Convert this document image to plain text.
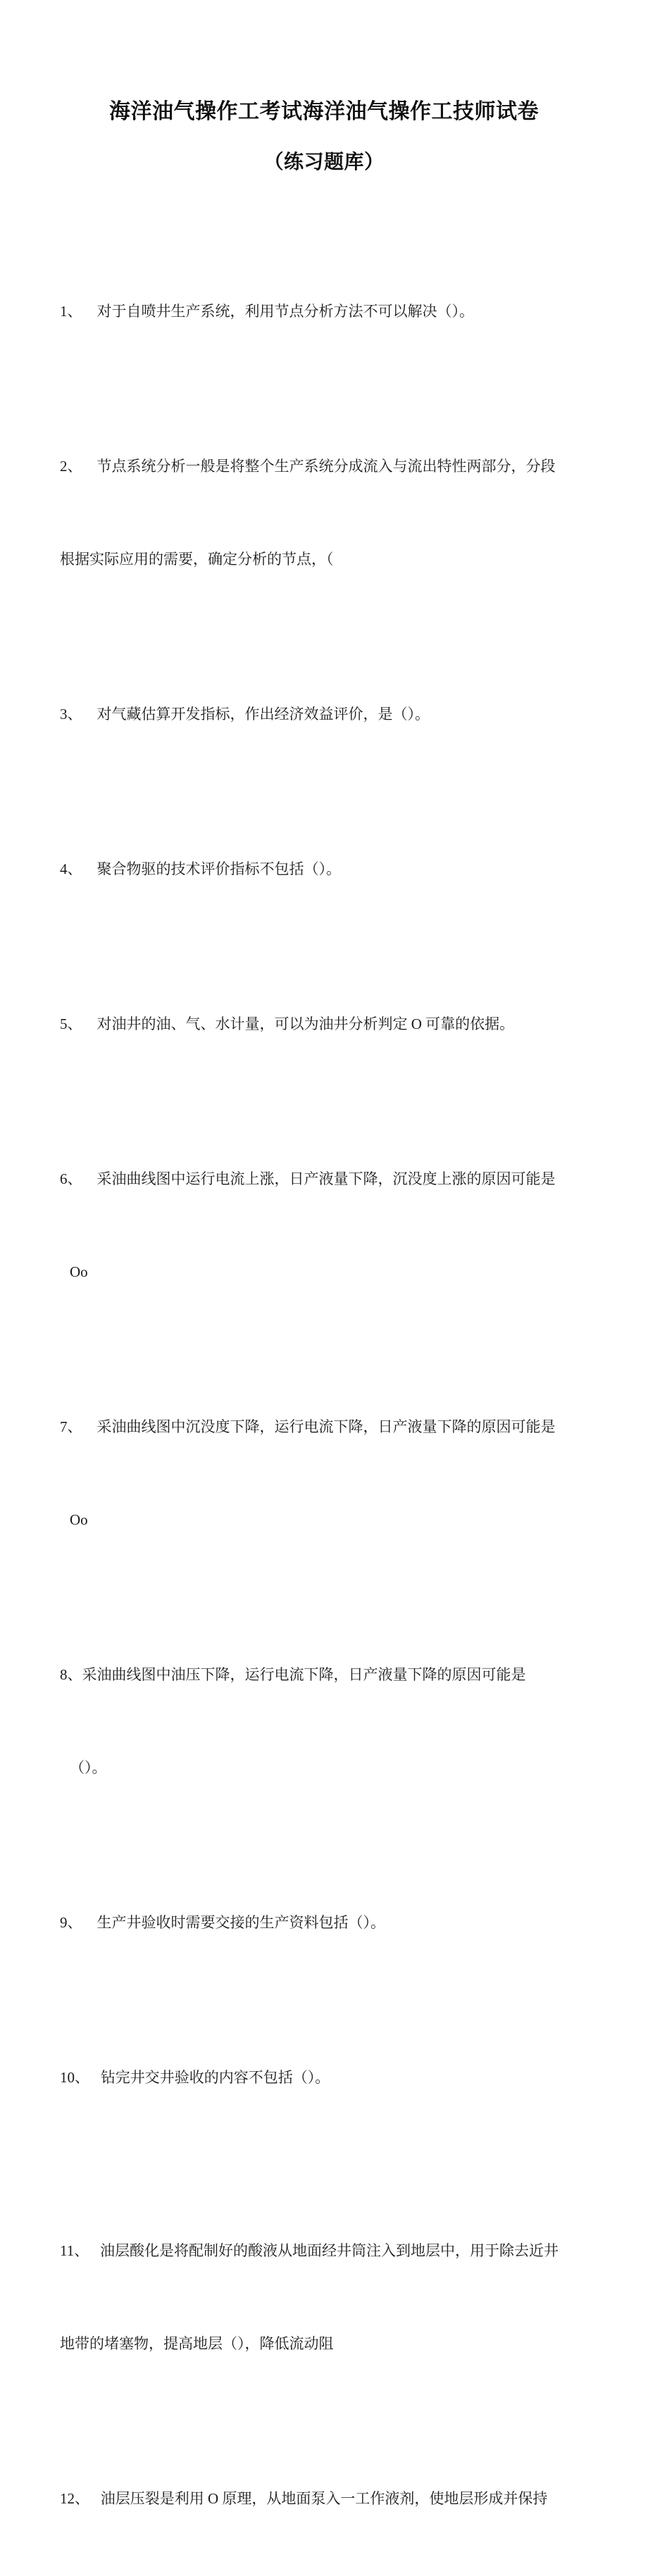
海洋油气操作工考试海洋油气操作工技师试卷
（练习题库）

1、    对于自喷井生产系统，利用节点分析方法不可以解决（）。

2、    节点系统分析一般是将整个生产系统分成流入与流出特性两部分，分段

根据实际应用的需要，确定分析的节点，（

3、    对气藏估算开发指标，作出经济效益评价，是（）。

4、    聚合物驱的技术评价指标不包括（）。

5、    对油井的油、气、水计量，可以为油井分析判定 O 可靠的依据。

6、    采油曲线图中运行电流上涨，日产液量下降，沉没度上涨的原因可能是

Oo

7、    采油曲线图中沉没度下降，运行电流下降，日产液量下降的原因可能是

Oo

8、采油曲线图中油压下降，运行电流下降，日产液量下降的原因可能是

（）。

9、    生产井验收时需要交接的生产资料包括（）。

10、   钻完井交井验收的内容不包括（）。

11、   油层酸化是将配制好的酸液从地面经井筒注入到地层中，用于除去近井

地带的堵塞物，提高地层（），降低流动阻

12、   油层压裂是利用 O 原理，从地面泵入一工作液剂，使地层形成并保持
